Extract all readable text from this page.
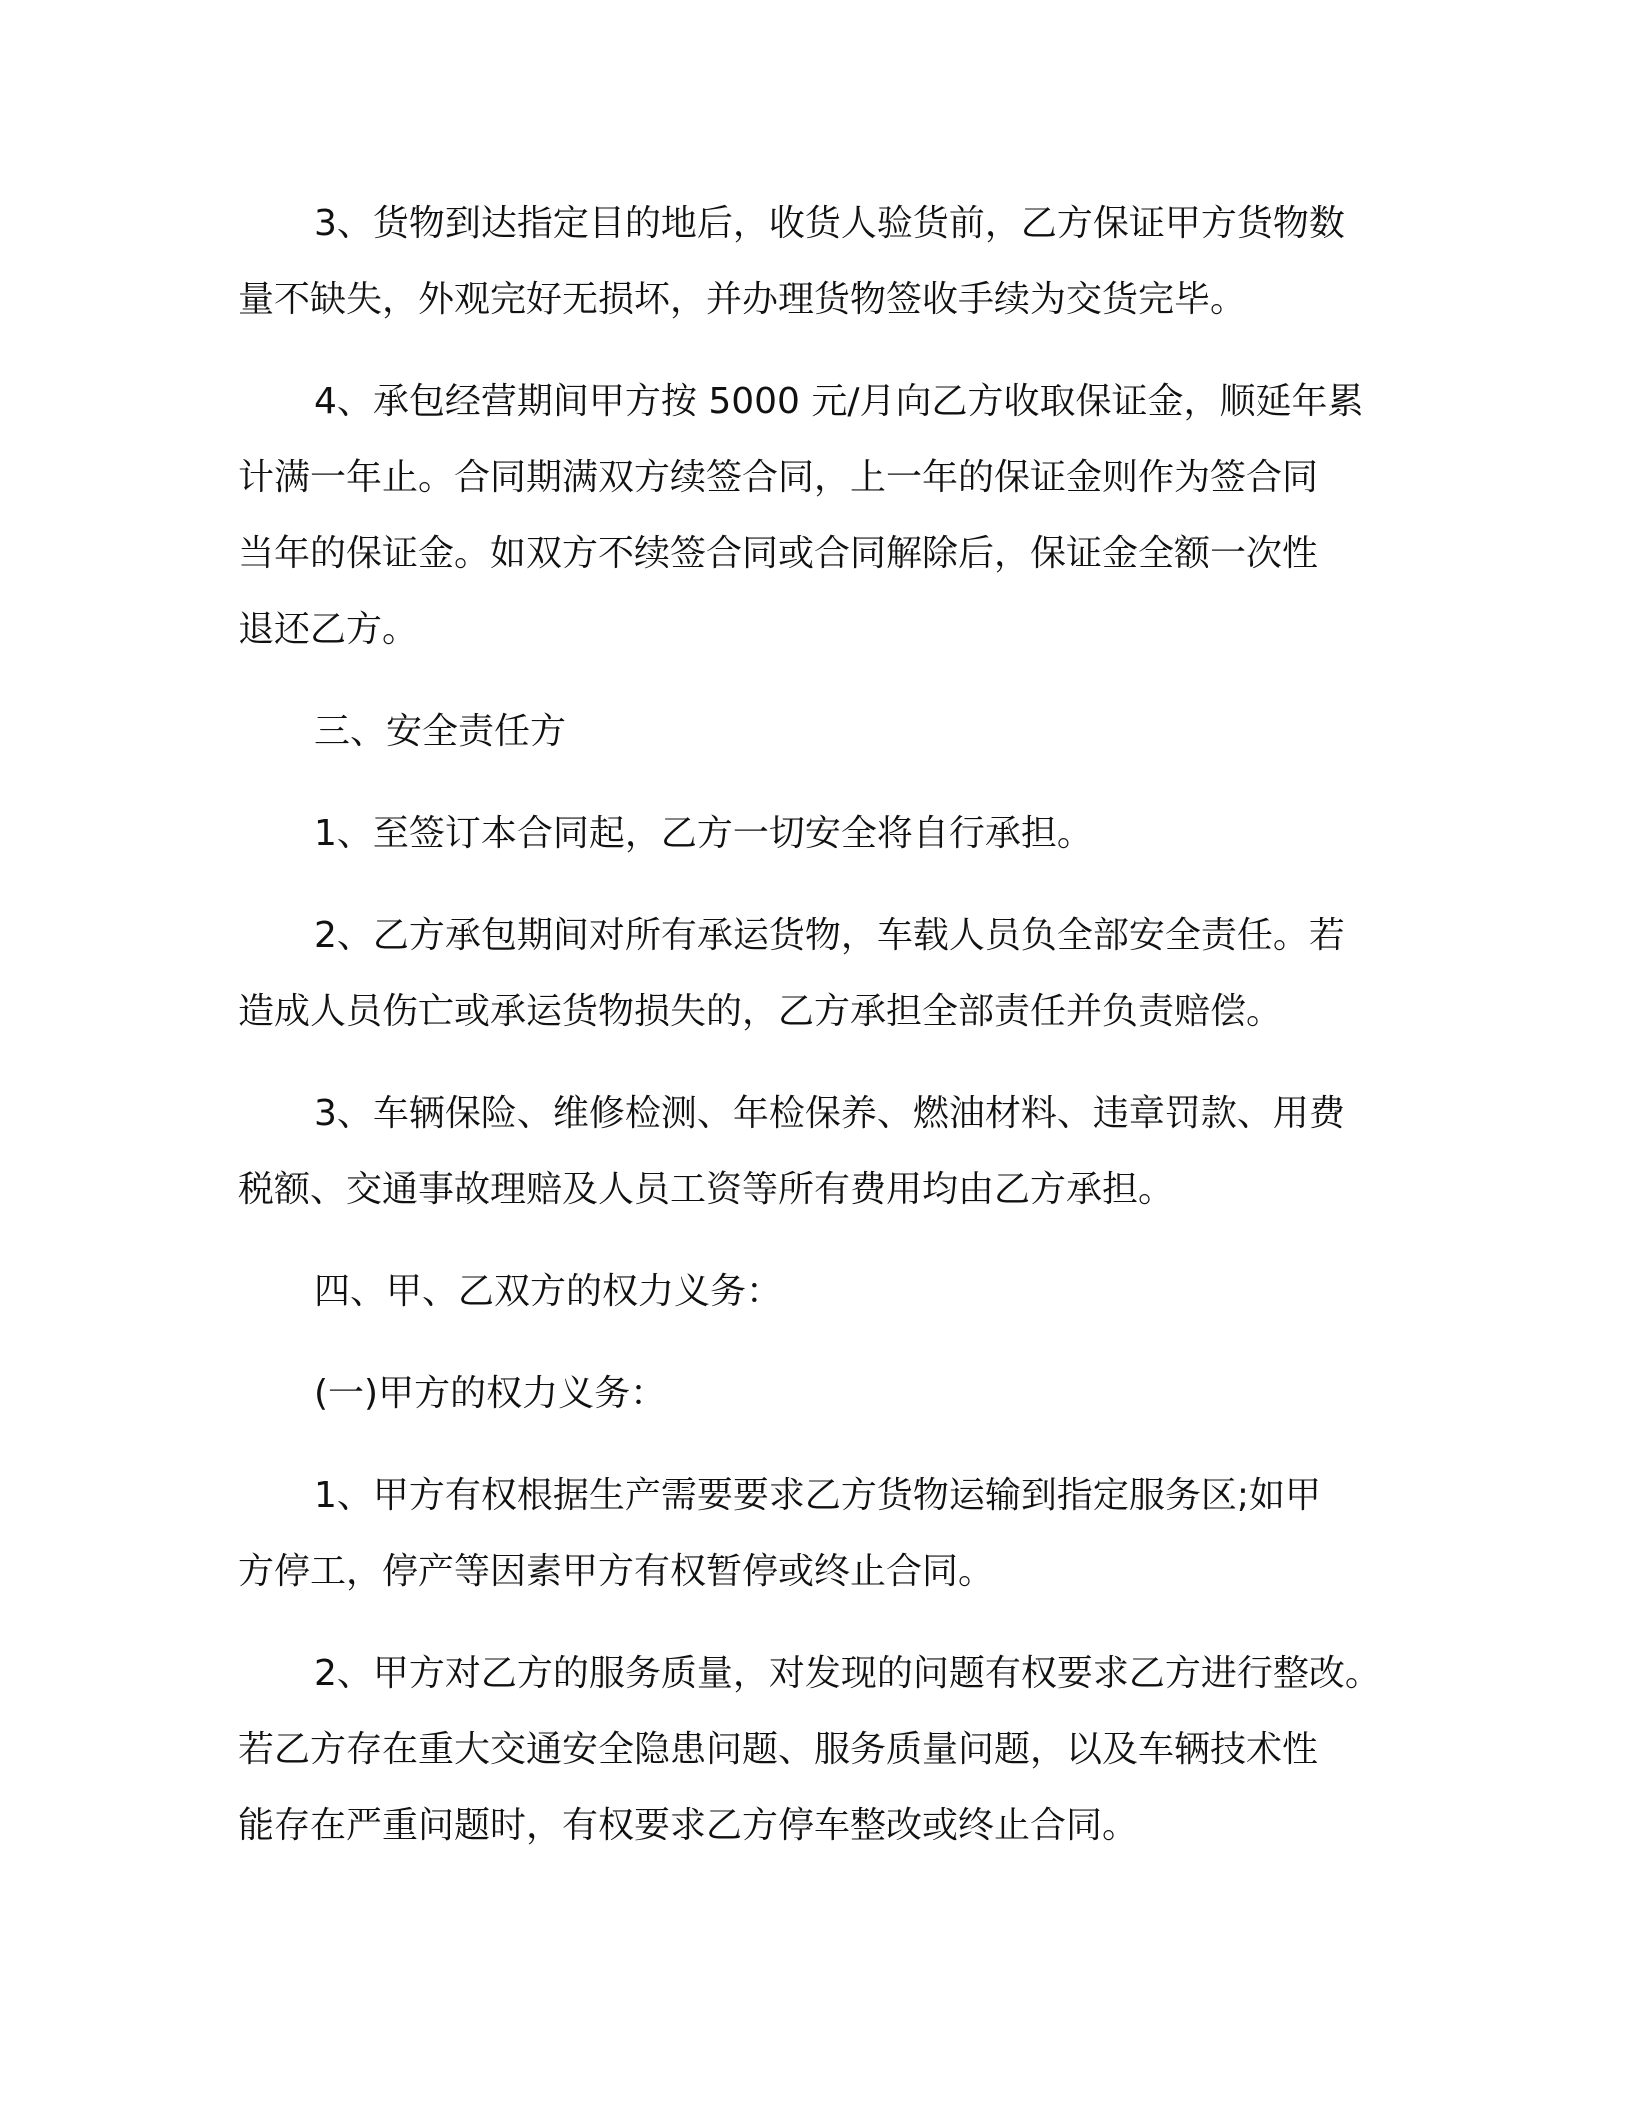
3、货物到达指定目的地后，收货人验货前，乙方保证甲方货物数
量不缺失，外观完好无损坏，并办理货物签收手续为交货完毕。

4、承包经营期间甲方按 5000 元/月向乙方收取保证金，顺延年累
计满一年止。合同期满双方续签合同，上一年的保证金则作为签合同
当年的保证金。如双方不续签合同或合同解除后，保证金全额一次性
退还乙方。

三、安全责任方

1、至签订本合同起，乙方一切安全将自行承担。

2、乙方承包期间对所有承运货物，车载人员负全部安全责任。若
造成人员伤亡或承运货物损失的，乙方承担全部责任并负责赔偿。

3、车辆保险、维修检测、年检保养、燃油材料、违章罚款、用费
税额、交通事故理赔及人员工资等所有费用均由乙方承担。

四、甲、乙双方的权力义务：

(一)甲方的权力义务：

1、甲方有权根据生产需要要求乙方货物运输到指定服务区;如甲
方停工，停产等因素甲方有权暂停或终止合同。

2、甲方对乙方的服务质量，对发现的问题有权要求乙方进行整改。
若乙方存在重大交通安全隐患问题、服务质量问题，以及车辆技术性
能存在严重问题时，有权要求乙方停车整改或终止合同。
